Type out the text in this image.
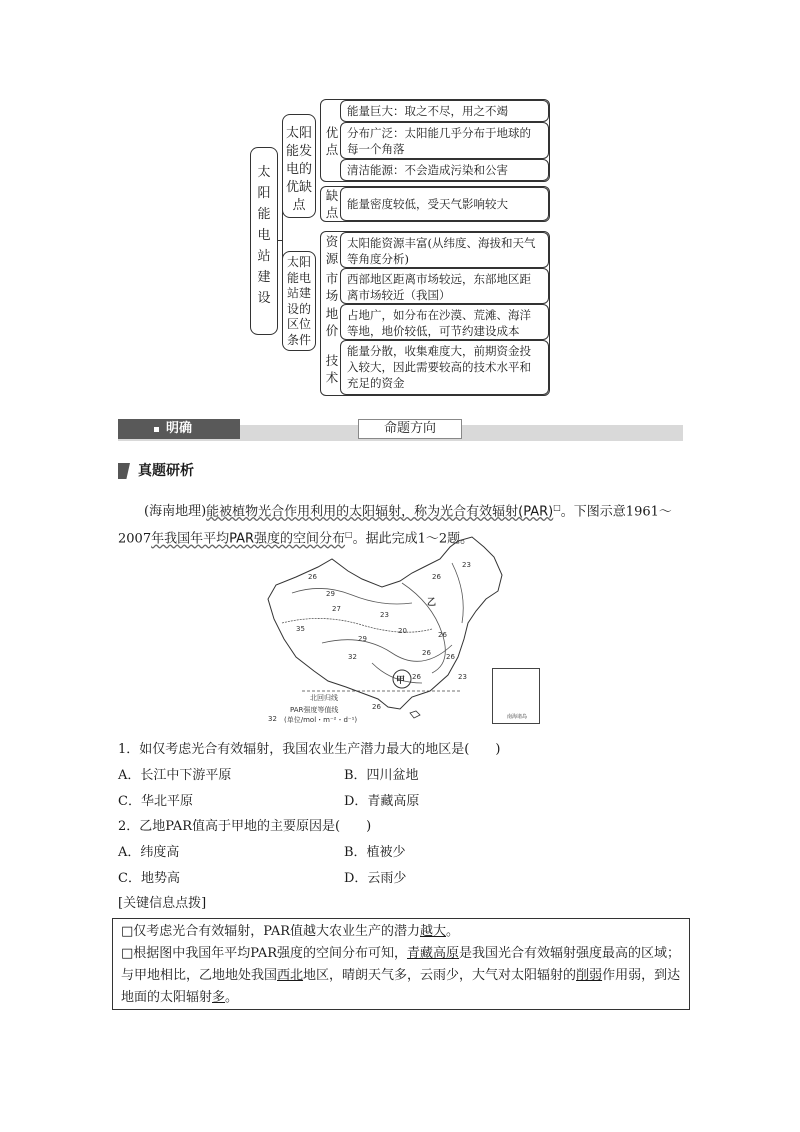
太阳能电站建设
太阳能发电的优缺点
优点
能量巨大：取之不尽，用之不竭
分布广泛：太阳能几乎分布于地球的每一个角落
清洁能源：不会造成污染和公害
缺点
能量密度较低，受天气影响较大
太阳能电站建设的区位条件
资源
太阳能资源丰富(从纬度、海拔和天气等角度分析)
市场
西部地区距离市场较远，东部地区距离市场较近（我国）
地价
占地广，如分布在沙漠、荒滩、海洋等地，地价较低，可节约建设成本
技术
能量分散，收集难度大，前期资金投入较大，因此需要较高的技术水平和充足的资金
明确	命题方向
真题研析
(海南地理)能被植物光合作用利用的太阳辐射，称为光合有效辐射(PAR)□。下图示意1961～2007年我国年平均PAR强度的空间分布□。据此完成1～2题。
29
27
35
32
26
23
26
20
23
26
26
23
26
26
29
26
甲
乙
北回归线
PAR强度等值线
32 (单位/mol・m⁻²・d⁻¹)	南海诸岛
1．如仅考虑光合有效辐射，我国农业生产潜力最大的地区是(　　)
A．长江中下游平原	B．四川盆地
C．华北平原	D．青藏高原
2．乙地PAR值高于甲地的主要原因是(　　)
A．纬度高	B．植被少
C．地势高	D．云雨少
[关键信息点拨]
□仅考虑光合有效辐射，PAR值越大农业生产的潜力越大。
□根据图中我国年平均PAR强度的空间分布可知，青藏高原是我国光合有效辐射强度最高的区域；与甲地相比，乙地地处我国西北地区，晴朗天气多，云雨少，大气对太阳辐射的削弱作用弱，到达地面的太阳辐射多。
